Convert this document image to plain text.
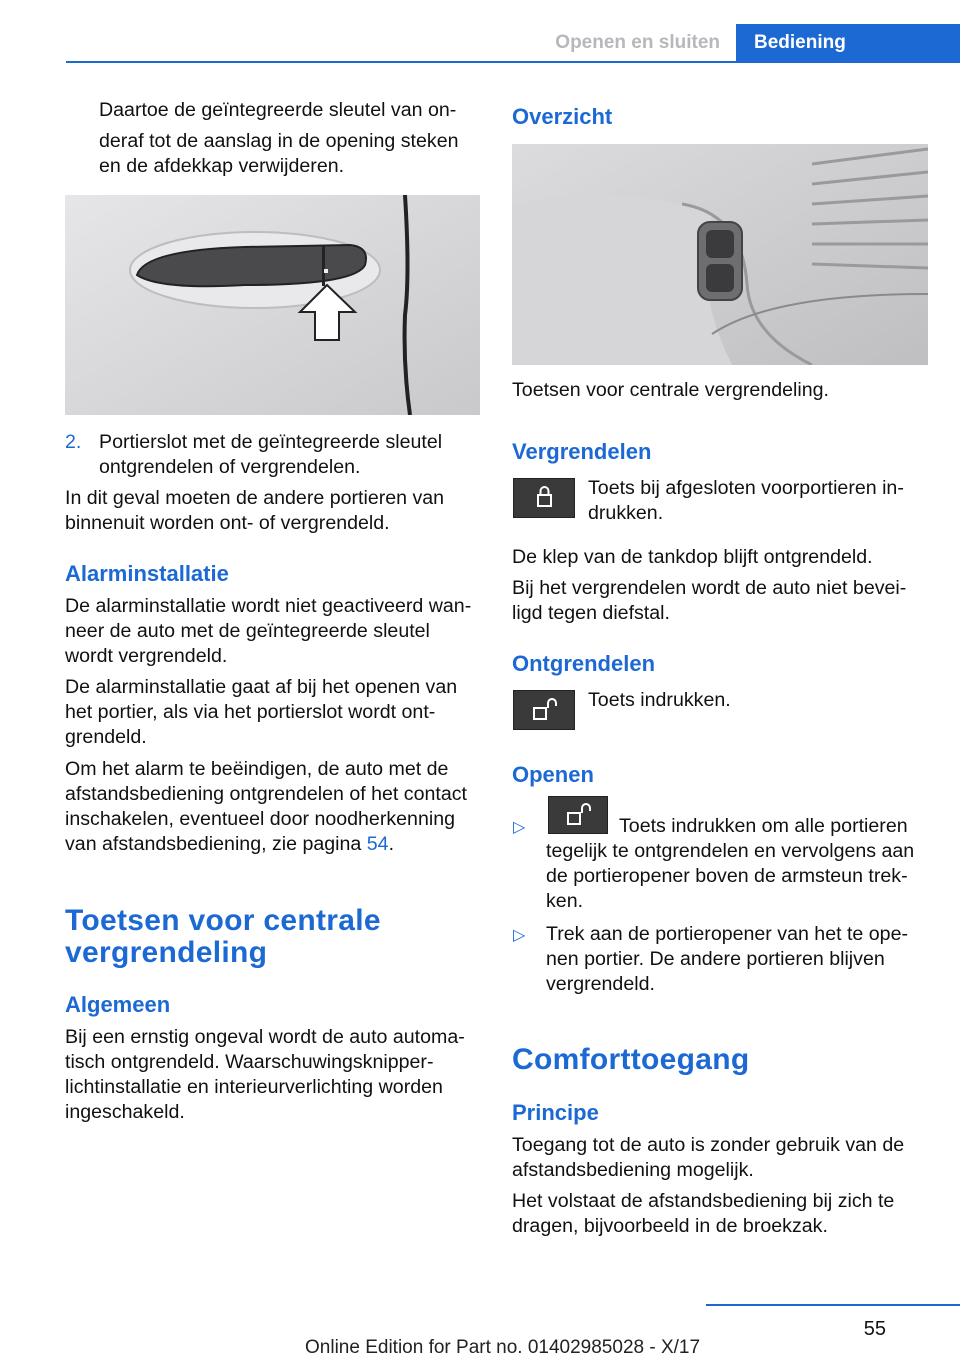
Openen en sluiten	Bediening

Daartoe de geïntegreerde sleutel van on-

deraf tot de aanslag in de opening steken

en de afdekkap verwijderen.

2. Portierslot met de geïntegreerde sleutel

ontgrendelen of vergrendelen.

In dit geval moeten de andere portieren van

binnenuit worden ont- of vergrendeld.

Alarminstallatie

De alarminstallatie wordt niet geactiveerd wan-

neer de auto met de geïntegreerde sleutel

wordt vergrendeld.

De alarminstallatie gaat af bij het openen van

het portier, als via het portierslot wordt ont-

grendeld.

Om het alarm te beëindigen, de auto met de

afstandsbediening ontgrendelen of het contact

inschakelen, eventueel door noodherkenning

van afstandsbediening, zie pagina 54.

Toetsen voor centrale
vergrendeling
Algemeen

Bij een ernstig ongeval wordt de auto automa-

tisch ontgrendeld. Waarschuwingsknipper-

lichtinstallatie en interieurverlichting worden

ingeschakeld.

Overzicht

Toetsen voor centrale vergrendeling.

Vergrendelen

Toets bij afgesloten voorportieren in-

drukken.

De klep van de tankdop blijft ontgrendeld.

Bij het vergrendelen wordt de auto niet bevei-

ligd tegen diefstal.

Ontgrendelen

Toets indrukken.

Openen
▷	Toets indrukken om alle portieren

tegelijk te ontgrendelen en vervolgens aan

de portieropener boven de armsteun trek-

ken.

▷ Trek aan de portieropener van het te ope-

nen portier. De andere portieren blijven

vergrendeld.

Comforttoegang
Principe

Toegang tot de auto is zonder gebruik van de

afstandsbediening mogelijk.

Het volstaat de afstandsbediening bij zich te

dragen, bijvoorbeeld in de broekzak.

55
Online Edition for Part no. 01402985028 - X/17
